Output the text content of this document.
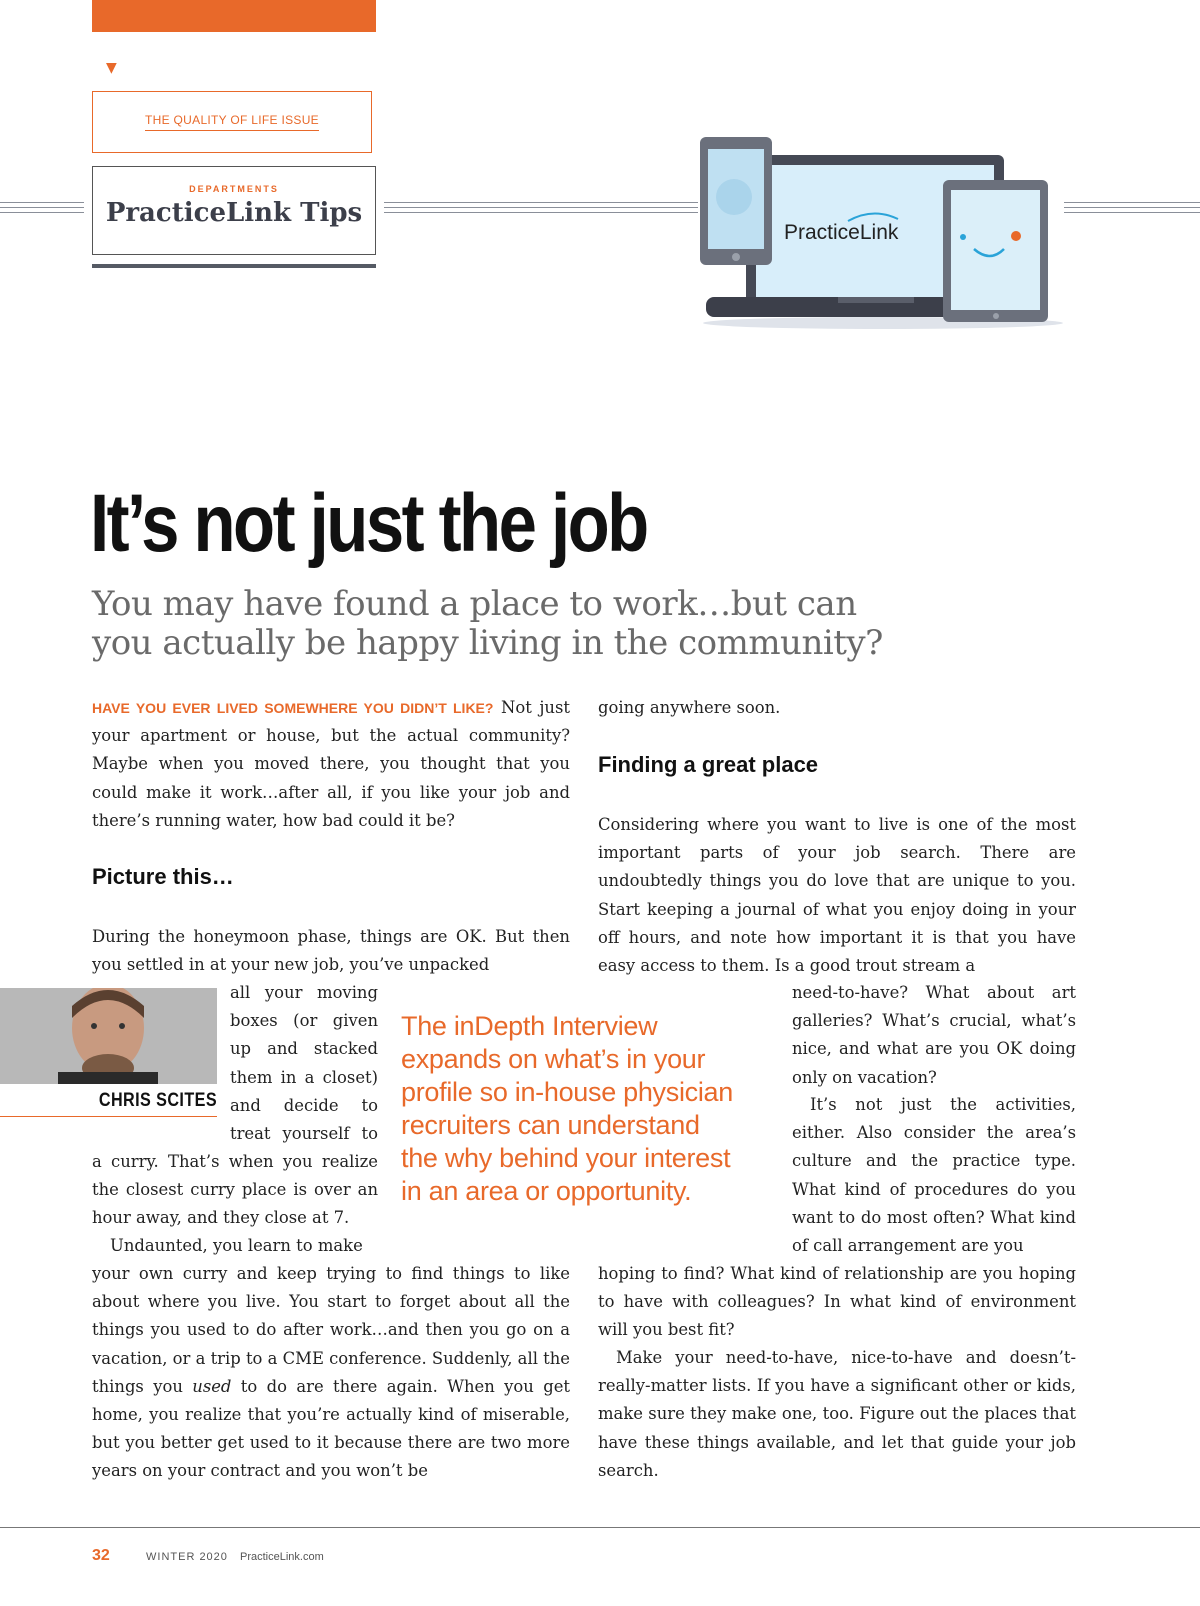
▼
THE QUALITY OF LIFE ISSUE
DEPARTMENTS
PracticeLink Tips
PracticeLink
It’s not just the job
You may have found a place to work…but can you actually be happy living in the community?

HAVE YOU EVER LIVED SOMEWHERE YOU DIDN’T LIKE? Not just your apartment or house, but the actual community? Maybe when you moved there, you thought that you could make it work…after all, if you like your job and there’s running water, how bad could it be?

Picture this…
During the honeymoon phase, things are OK. But then you settled in at your new job, you’ve unpacked
all your moving
boxes (or given
up and stacked
them in a closet)
and decide to
treat yourself to
CHRIS SCITES
a curry. That’s when you realize the closest curry place is over an hour away, and they close at 7.
Undaunted, you learn to make

your own curry and keep trying to find things to like about where you live. You start to forget about all the things you used to do after work…and then you go on a vacation, or a trip to a CME conference. Suddenly, all the things you used to do are there again. When you get home, you realize that you’re actually kind of miserable, but you better get used to it because there are two more years on your contract and you won’t be

The inDepth Interview expands on what’s in your profile so in-house physician recruiters can understand the why behind your interest in an area or opportunity.
going anywhere soon.
Finding a great place
Considering where you want to live is one of the most important parts of your job search. There are undoubtedly things you do love that are unique to you. Start keeping a journal of what you enjoy doing in your off hours, and note how important it is that you have easy access to them. Is a good trout stream a
need-to-have? What about art galleries? What’s crucial, what’s nice, and what are you OK doing only on vacation?
It’s not just the activities, either. Also consider the area’s culture and the practice type. What kind of procedures do you want to do most often? What kind of call arrangement are you
hoping to find? What kind of relationship are you hoping to have with colleagues? In what kind of environment will you best fit?
Make your need-to-have, nice-to-have and doesn’t-really-matter lists. If you have a significant other or kids, make sure they make one, too. Figure out the places that have these things available, and let that guide your job search.
32	WINTER 2020 PracticeLink.com
